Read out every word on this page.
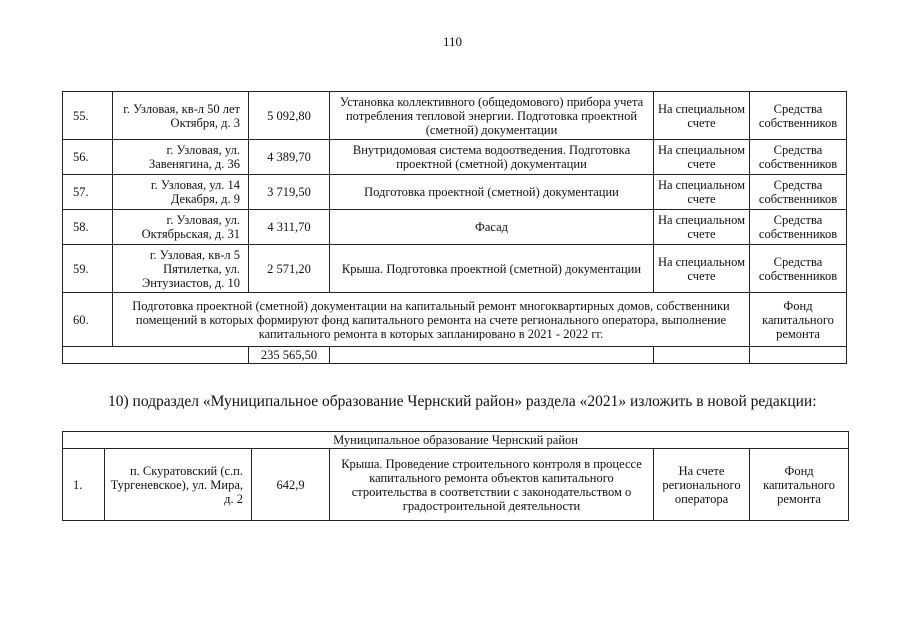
110
55.	г. Узловая, кв-л 50 лет Октября, д. 3	5 092,80	Установка коллективного (общедомового) прибора учета потребления тепловой энергии. Подготовка проектной (сметной) документации	На специальном счете	Средства собственников
56.	г. Узловая, ул. Завенягина, д. 36	4 389,70	Внутридомовая система водоотведения. Подготовка проектной (сметной) документации	На специальном счете	Средства собственников
57.	г. Узловая, ул. 14 Декабря, д. 9	3 719,50	Подготовка проектной (сметной) документации	На специальном счете	Средства собственников
58.	г. Узловая, ул. Октябрьская, д. 31	4 311,70	Фасад	На специальном счете	Средства собственников
59.	г. Узловая, кв-л 5 Пятилетка, ул. Энтузиастов, д. 10	2 571,20	Крыша. Подготовка проектной (сметной) документации	На специальном счете	Средства собственников
60.	Подготовка проектной (сметной) документации на капитальный ремонт многоквартирных домов, собственники помещений в которых формируют фонд капитального ремонта на счете регионального оператора, выполнение капитального ремонта в которых запланировано в 2021 - 2022 гг.				Фонд капитального ремонта
		235 565,50			
10) подраздел «Муниципальное образование Чернский район» раздела «2021» изложить в новой редакции:
Муниципальное образование Чернский район
1.	п. Скуратовский (с.п. Тургеневское), ул. Мира, д. 2	642,9	Крыша. Проведение строительного контроля в процессе капитального ремонта объектов капитального строительства в соответствии с законодательством о градостроительной деятельности	На счете регионального оператора	Фонд капитального ремонта
